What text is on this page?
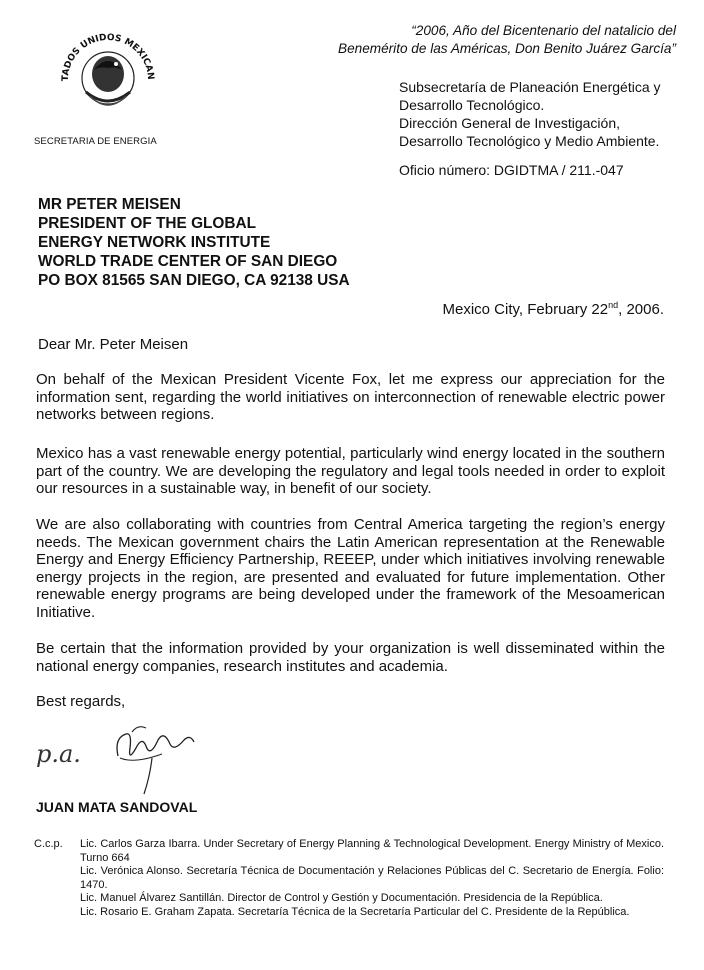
TADOS UNIDOS MEXICAN
SECRETARIA DE ENERGIA
“2006, Año del Bicentenario del natalicio del
Benemérito de las Américas, Don Benito Juárez García”
Subsecretaría de Planeación Energética y
Desarrollo Tecnológico.
Dirección General de Investigación,
Desarrollo Tecnológico y Medio Ambiente.
Oficio número: DGIDTMA / 211.-047
MR PETER MEISEN
PRESIDENT OF THE GLOBAL
ENERGY NETWORK INSTITUTE
WORLD TRADE CENTER OF SAN DIEGO
PO BOX 81565 SAN DIEGO, CA 92138 USA
Mexico City, February 22nd, 2006.
Dear Mr. Peter Meisen
On behalf of the Mexican President Vicente Fox, let me express our appreciation for the information sent, regarding the world initiatives on interconnection of renewable electric power networks between regions.
Mexico has a vast renewable energy potential, particularly wind energy located in the southern part of the country. We are developing the regulatory and legal tools needed in order to exploit our resources in a sustainable way, in benefit of our society.
We are also collaborating with countries from Central America targeting the region’s energy needs. The Mexican government chairs the Latin American representation at the Renewable Energy and Energy Efficiency Partnership, REEEP, under which initiatives involving renewable energy projects in the region, are presented and evaluated for future implementation. Other renewable energy programs are being developed under the framework of the Mesoamerican Initiative.
Be certain that the information provided by your organization is well disseminated within the national energy companies, research institutes and academia.
Best regards,
p.a.
JUAN MATA SANDOVAL
C.c.p. Lic. Carlos Garza Ibarra. Under Secretary of Energy Planning & Technological Development. Energy Ministry of Mexico. Turno 664
Lic. Verónica Alonso. Secretaría Técnica de Documentación y Relaciones Públicas del C. Secretario de Energía. Folio: 1470.
Lic. Manuel Álvarez Santillán. Director de Control y Gestión y Documentación. Presidencia de la República.
Lic. Rosario E. Graham Zapata. Secretaría Técnica de la Secretaría Particular del C. Presidente de la República.
